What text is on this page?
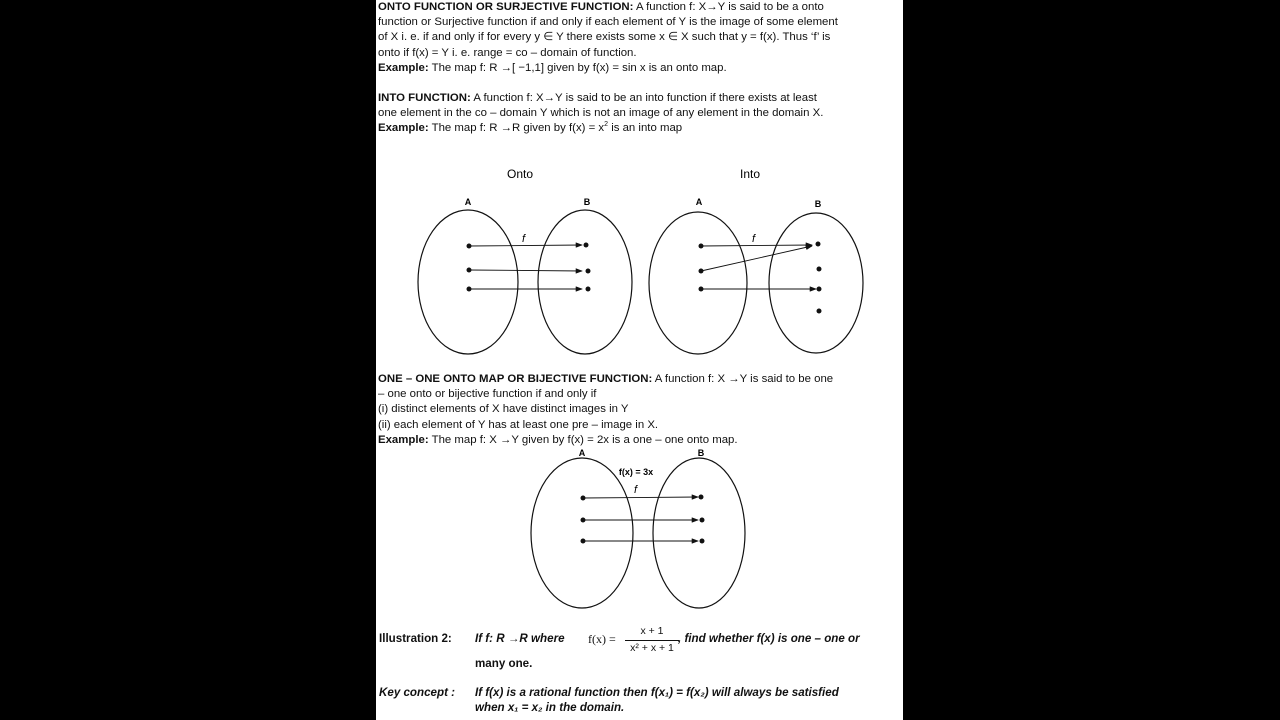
ONTO FUNCTION OR SURJECTIVE FUNCTION: A function f: X→Y is said to be a onto
function or Surjective function if and only if each element of Y is the image of some element
of X i. e. if and only if for every y ∈ Y there exists some x ∈ X such that y = f(x). Thus ‘f’ is
onto if f(x) = Y i. e. range = co – domain of function.
Example: The map f: R →[ −1,1] given by f(x) = sin x is an onto map.
INTO FUNCTION: A function f: X→Y is said to be an into function if there exists at least
one element in the co – domain Y which is not an image of any element in the domain X.
Example: The map f: R →R given by $f(x) = x^2$ is an into map
Onto
A	B
f
Into
A	B
f
ONE – ONE ONTO MAP OR BIJECTIVE FUNCTION: A function f: X →Y is said to be one
– one onto or bijective function if and only if
(i) distinct elements of X have distinct images in Y
(ii) each element of Y has at least one pre – image in X.
Example: The map f: X →Y given by f(x) = 2x is a one – one onto map.
A	B
f(x) = 3x
f
Illustration 2: If f: R →R where f(x) =
x + 1
x² + x + 1
, find whether f(x) is one – one or
many one.
Key concept : If f(x) is a rational function then f(x₁) = f(x₂) will always be satisfied
when x₁ = x₂ in the domain.
